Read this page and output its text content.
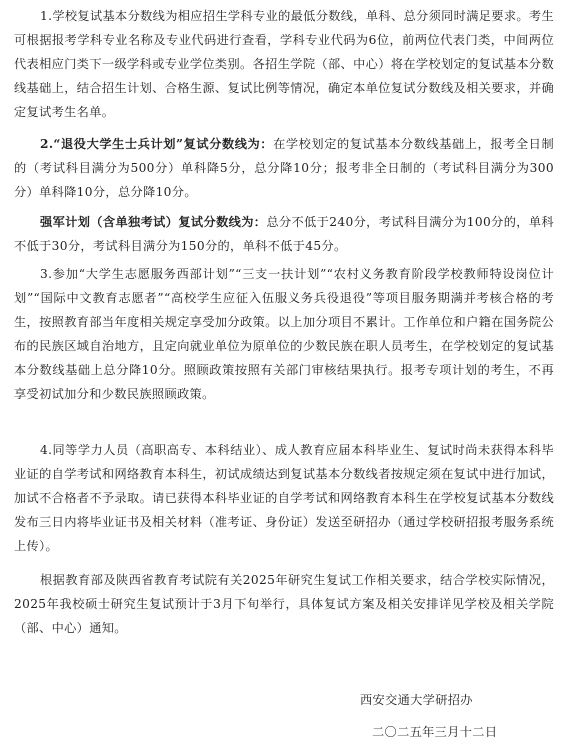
1.学校复试基本分数线为相应招生学科专业的最低分数线，单科、总分须同时满足要求。考生可根据报考学科专业名称及专业代码进行查看，学科专业代码为6位，前两位代表门类，中间两位代表相应门类下一级学科或专业学位类别。各招生学院（部、中心）将在学校划定的复试基本分数线基础上，结合招生计划、合格生源、复试比例等情况，确定本单位复试分数线及相关要求，并确定复试考生名单。

2.“退役大学生士兵计划”复试分数线为：在学校划定的复试基本分数线基础上，报考全日制的（考试科目满分为500分）单科降5分，总分降10分；报考非全日制的（考试科目满分为300分）单科降10分，总分降10分。

强军计划（含单独考试）复试分数线为：总分不低于240分，考试科目满分为100分的，单科不低于30分，考试科目满分为150分的，单科不低于45分。

3.参加“大学生志愿服务西部计划”“三支一扶计划”“农村义务教育阶段学校教师特设岗位计划”“国际中文教育志愿者”“高校学生应征入伍服义务兵役退役”等项目服务期满并考核合格的考生，按照教育部当年度相关规定享受加分政策。以上加分项目不累计。工作单位和户籍在国务院公布的民族区域自治地方，且定向就业单位为原单位的少数民族在职人员考生，在学校划定的复试基本分数线基础上总分降10分。照顾政策按照有关部门审核结果执行。报考专项计划的考生，不再享受初试加分和少数民族照顾政策。

4.同等学力人员（高职高专、本科结业）、成人教育应届本科毕业生、复试时尚未获得本科毕业证的自学考试和网络教育本科生，初试成绩达到复试基本分数线者按规定须在复试中进行加试，加试不合格者不予录取。请已获得本科毕业证的自学考试和网络教育本科生在学校复试基本分数线发布三日内将毕业证书及相关材料（准考证、身份证）发送至研招办（通过学校研招报考服务系统上传）。

根据教育部及陕西省教育考试院有关2025年研究生复试工作相关要求，结合学校实际情况，2025年我校硕士研究生复试预计于3月下旬举行，具体复试方案及相关安排详见学校及相关学院（部、中心）通知。

西安交通大学研招办
二〇二五年三月十二日
